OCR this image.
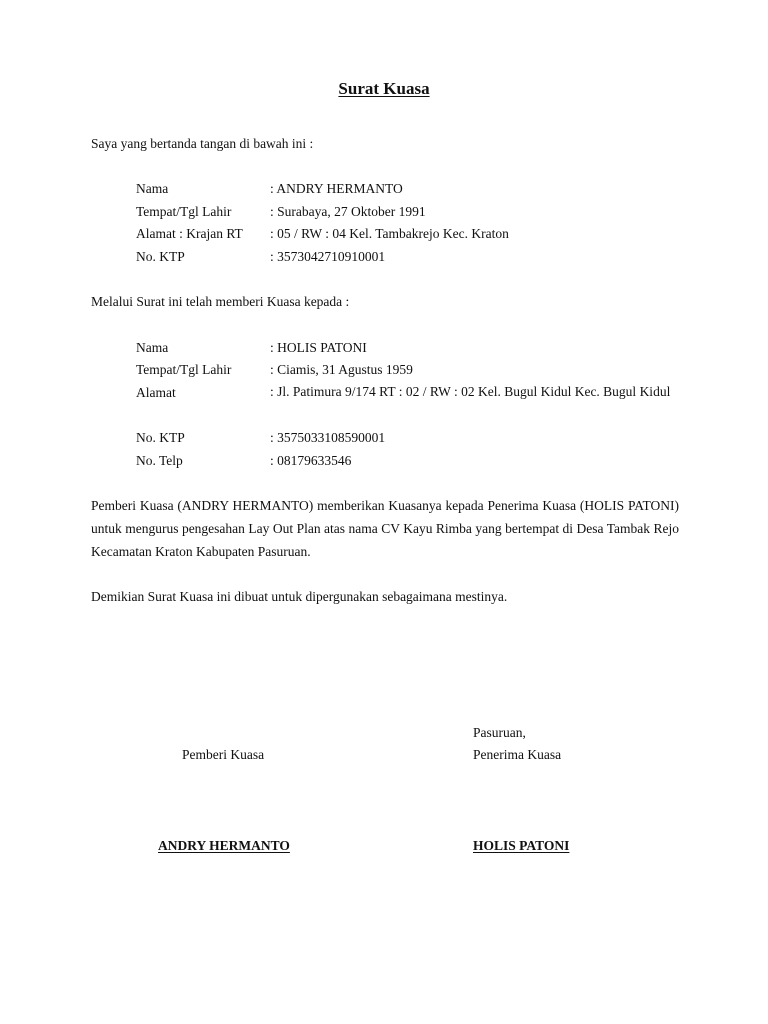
Surat Kuasa
Saya yang bertanda tangan di bawah ini :
Nama	: ANDRY HERMANTO
Tempat/Tgl Lahir	: Surabaya, 27 Oktober 1991
Alamat : Krajan RT : 05 / RW : 04 Kel. Tambakrejo Kec. Kraton
No. KTP	: 3573042710910001
Melalui Surat ini telah memberi Kuasa kepada :
Nama	: HOLIS PATONI
Tempat/Tgl Lahir	: Ciamis, 31 Agustus 1959
Alamat	: Jl. Patimura 9/174 RT : 02 / RW : 02 Kel. Bugul Kidul Kec. Bugul Kidul
No. KTP	: 3575033108590001
No. Telp	: 08179633546
Pemberi Kuasa (ANDRY HERMANTO) memberikan Kuasanya kepada Penerima Kuasa (HOLIS PATONI) untuk mengurus pengesahan Lay Out Plan atas nama CV Kayu Rimba yang bertempat di Desa Tambak Rejo Kecamatan Kraton Kabupaten Pasuruan.
Demikian Surat Kuasa ini dibuat untuk dipergunakan sebagaimana mestinya.
Pasuruan,
Pemberi Kuasa	Penerima Kuasa
ANDRY HERMANTO	HOLIS PATONI
